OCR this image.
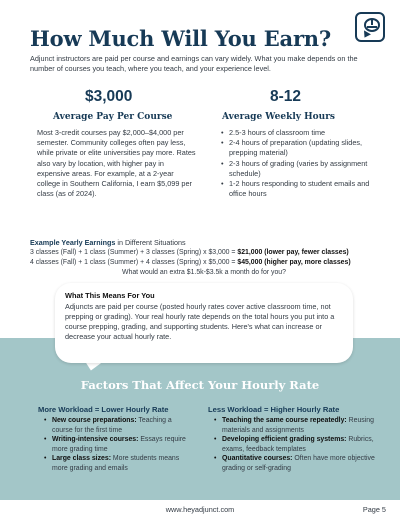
How Much Will You Earn?
Adjunct instructors are paid per course and earnings can vary widely. What you make depends on the number of courses you teach, where you teach, and your experience level.
$3,000
Average Pay Per Course
Most 3-credit courses pay $2,000–$4,000 per semester. Community colleges often pay less, while private or elite universities pay more. Rates also vary by location, with higher pay in expensive areas. For example, at a 2-year college in Southern California, I earn $5,099 per class (as of 2024).
8-12
Average Weekly Hours
• 2.5-3 hours of classroom time
• 2-4 hours of preparation (updating slides, prepping material)
• 2-3 hours of grading (varies by assignment schedule)
• 1-2 hours responding to student emails and office hours
Example Yearly Earnings in Different Situations
3 classes (Fall) + 1 class (Summer) + 3 classes (Spring) x $3,000 = $21,000 (lower pay, fewer classes)
4 classes (Fall) + 1 class (Summer) + 4 classes (Spring) x $5,000 = $45,000 (higher pay, more classes)
What would an extra $1.5k-$3.5k a month do for you?
What This Means For You
Adjuncts are paid per course (posted hourly rates cover active classroom time, not prepping or grading). Your real hourly rate depends on the total hours you put into a course prepping, grading, and supporting students. Here's what can increase or decrease your actual hourly rate.
Factors That Affect Your Hourly Rate
More Workload = Lower Hourly Rate
• New course preparations: Teaching a course for the first time
• Writing-intensive courses: Essays require more grading time
• Large class sizes: More students means more grading and emails
Less Workload = Higher Hourly Rate
• Teaching the same course repeatedly: Reusing materials and assignments
• Developing efficient grading systems: Rubrics, exams, feedback templates
• Quantitative courses: Often have more objective grading or self-grading
www.heyadjunct.com	Page 5
